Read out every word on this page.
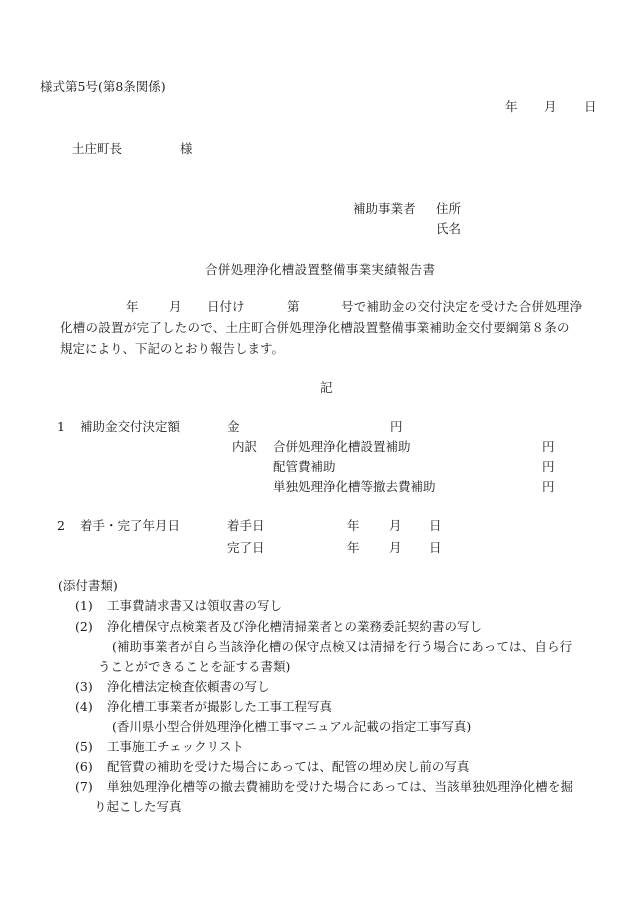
様式第5号(第8条関係)
年 月 日
土庄町長	様
補助事業者 住所
氏名
合併処理浄化槽設置整備事業実績報告書
年 月 日付け	第	号で補助金の交付決定を受けた合併処理浄
化槽の設置が完了したので、土庄町合併処理浄化槽設置整備事業補助金交付要綱第８条の
規定により、下記のとおり報告します。
記
1 補助金交付決定額	金	円
内訳 合併処理浄化槽設置補助	円
配管費補助	円
単独処理浄化槽等撤去費補助	円
2 着手・完了年月日	着手日	年 月 日
完了日	年 月 日
(添付書類)
(1) 工事費請求書又は領収書の写し
(2) 浄化槽保守点検業者及び浄化槽清掃業者との業務委託契約書の写し
(補助事業者が自ら当該浄化槽の保守点検又は清掃を行う場合にあっては、自ら行
うことができることを証する書類)
(3) 浄化槽法定検査依頼書の写し
(4) 浄化槽工事業者が撮影した工事工程写真
(香川県小型合併処理浄化槽工事マニュアル記載の指定工事写真)
(5) 工事施工チェックリスト
(6) 配管費の補助を受けた場合にあっては、配管の埋め戻し前の写真
(7) 単独処理浄化槽等の撤去費補助を受けた場合にあっては、当該単独処理浄化槽を掘
り起こした写真
